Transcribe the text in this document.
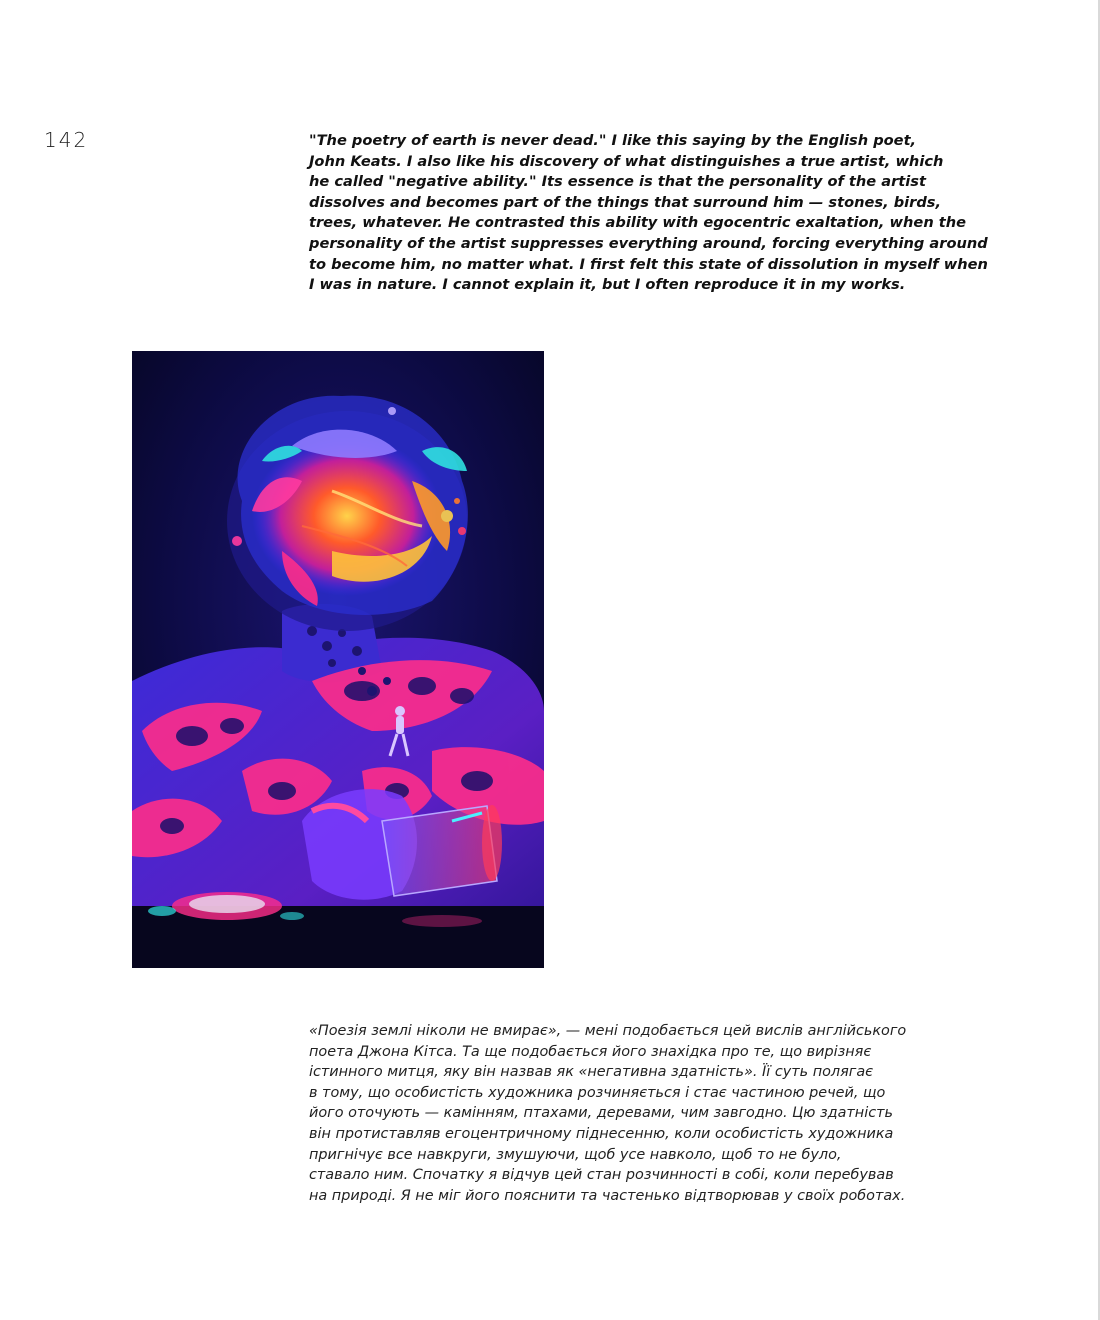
142	"The poetry of earth is never dead." I like this saying by the English poet,
John Keats. I also like his discovery of what distinguishes a true artist, which
he called "negative ability." Its essence is that the personality of the artist
dissolves and becomes part of the things that surround him — stones, birds,
trees, whatever. He contrasted this ability with egocentric exaltation, when the
personality of the artist suppresses everything around, forcing everything around
to become him, no matter what. I first felt this state of dissolution in myself when
I was in nature. I cannot explain it, but I often reproduce it in my works.
«Поезія землі ніколи не вмирає», — мені подобається цей вислів англійського
поета Джона Кітса. Та ще подобається його знахідка про те, що вирізняє
істинного митця, яку він назвав як «негативна здатність». Її суть полягає
в тому, що особистість художника розчиняється і стає частиною речей, що
його оточують — камінням, птахами, деревами, чим завгодно. Цю здатність
він протиставляв егоцентричному піднесенню, коли особистість художника
пригнічує все навкруги, змушуючи, щоб усе навколо, щоб то не було,
ставало ним. Спочатку я відчув цей стан розчинності в собі, коли перебував
на природі. Я не міг його пояснити та частенько відтворював у своїх роботах.
